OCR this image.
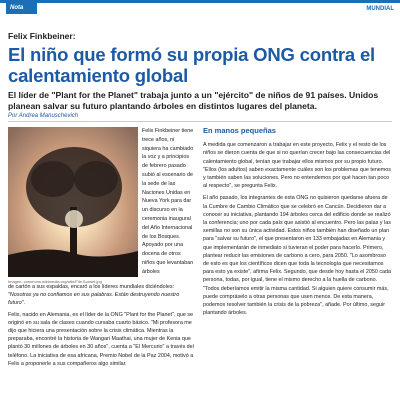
Nota	MUNDIAL
Felix Finkbeiner:
El niño que formó su propia ONG contra el calentamiento global
El líder de "Plant for the Planet" trabaja junto a un "ejército" de niños de 91 países. Unidos planean salvar su futuro plantando árboles en distintos lugares del planeta.
Por Andrea Manuschevich
Imagen: commons.wikimedia.org/wiki/File:Sunset.jpg
Felix Finkbeiner tiene trece años, ni siquiera ha cambiado la voz y a principios de febrero pasado subió al escenario de la sede de las Naciones Unidas en Nueva York para dar un discurso en la ceremonia inaugural del Año Internacional de los Bosques. Apoyado por una docena de otros niños que levantaban árboles

de cartón a sus espaldas, encaró a los líderes mundiales diciéndoles: "Nosotras ya no confiamos en sus palabras. Están destruyendo nuestro futuro".

Felix, nacido en Alemania, es el líder de la ONG "Plant for the Planet", que se originó en su sala de clases cuando cursaba cuarto básico. "Mi profesora me dijo que hiciera una presentación sobre la crisis climática. Mientras la preparaba, encontré la historia de Wangari Maathai, una mujer de Kenia que plantó 30 millones de árboles en 30 años", cuenta a "El Mercurio" a través del teléfono. La iniciativa de esa africana, Premio Nobel de la Paz 2004, motivó a Felix a proponerle a sus compañeros algo similar.

En manos pequeñas

A medida que comenzaron a trabajar en este proyecto, Felix y el resto de los niños se dieron cuenta de que si no querían crecer bajo las consecuencias del calentamiento global, tenían que trabajar ellos mismos por su propio futuro. "Ellos (los adultos) saben exactamente cuáles son los problemas que tenemos y también saben las soluciones. Pero no entendemos por qué hacen tan poco al respecto", se pregunta Felix.

El año pasado, los integrantes de esta ONG no quisieron quedarse afuera de la Cumbre de Cambio Climático que se celebró en Cancún. Decidieron dar a conocer su iniciativa, plantando 194 árboles cerca del edificio donde se realizó la conferencia; uno por cada país que asistió al encuentro. Pero las palas y las semillas no son su única actividad. Estos niños también han diseñado un plan para "salvar su futuro", el que presentaron en 133 embajadas en Alemania y que implementarán de inmediato si tuvieran el poder para hacerlo. Primero, plantear reducir las emisiones de carbono a cero, para 2050. "Lo asombroso de esto es que los científicos dicen que toda la tecnología que necesitamos para esto ya existe", afirma Felix. Segundo, que desde hoy hasta el 2050 cada persona, todas, por igual, tiene el mismo derecho a la huella de carbono. "Todos deberíamos emitir la misma cantidad. Si alguien quiere consumir más, puede compráselo a otras personas que usen menos. De esta manera, podemos resolver también la crisis de la pobreza", añade. Por último, seguir plantando árboles.
